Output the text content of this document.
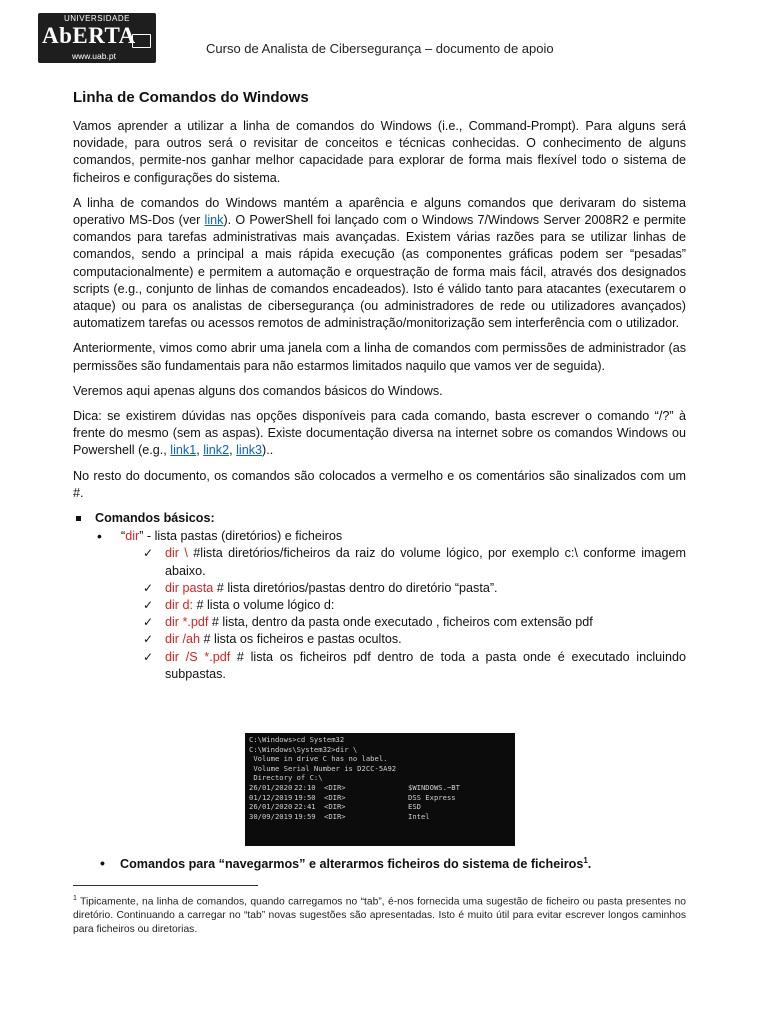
UNIVERSIDADE
AbERTA
www.uab.pt	Curso de Analista de Cibersegurança – documento de apoio
Linha de Comandos do Windows

Vamos aprender a utilizar a linha de comandos do Windows (i.e., Command-Prompt). Para alguns será novidade, para outros será o revisitar de conceitos e técnicas conhecidas. O conhecimento de alguns comandos, permite-nos ganhar melhor capacidade para explorar de forma mais flexível todo o sistema de ficheiros e configurações do sistema.

A linha de comandos do Windows mantém a aparência e alguns comandos que derivaram do sistema operativo MS-Dos (ver link). O PowerShell foi lançado com o Windows 7/Windows Server 2008R2 e permite comandos para tarefas administrativas mais avançadas. Existem várias razões para se utilizar linhas de comandos, sendo a principal a mais rápida execução (as componentes gráficas podem ser “pesadas” computacionalmente) e permitem a automação e orquestração de forma mais fácil, através dos designados scripts (e.g., conjunto de linhas de comandos encadeados). Isto é válido tanto para atacantes (executarem o ataque) ou para os analistas de cibersegurança (ou administradores de rede ou utilizadores avançados) automatizem tarefas ou acessos remotos de administração/monitorização sem interferência com o utilizador.

Anteriormente, vimos como abrir uma janela com a linha de comandos com permissões de administrador (as permissões são fundamentais para não estarmos limitados naquilo que vamos ver de seguida).

Veremos aqui apenas alguns dos comandos básicos do Windows.

Dica: se existirem dúvidas nas opções disponíveis para cada comando, basta escrever o comando “/?” à frente do mesmo (sem as aspas). Existe documentação diversa na internet sobre os comandos Windows ou Powershell (e.g., link1, link2, link3)..

No resto do documento, os comandos são colocados a vermelho e os comentários são sinalizados com um #.

Comandos básicos:
• “dir” - lista pastas (diretórios) e ficheiros
✓ dir \ #lista diretórios/ficheiros da raiz do volume lógico, por exemplo c:\ conforme imagem abaixo.
✓ dir pasta # lista diretórios/pastas dentro do diretório “pasta”.
✓ dir d: # lista o volume lógico d:
✓ dir *.pdf # lista, dentro da pasta onde executado , ficheiros com extensão pdf
✓ dir /ah # lista os ficheiros e pastas ocultos.
✓ dir /S *.pdf # lista os ficheiros pdf dentro de toda a pasta onde é executado incluindo subpastas.
C:\Windows>cd System32
C:\Windows\System32>dir \
Volume in drive C has no label.
Volume Serial Number is D2CC-5A92
Directory of C:\
26/01/2020 22:10	<DIR>	$WINDOWS.~BT
01/12/2019 19:50	<DIR>	DSS Express
26/01/2020 22:41	<DIR>	ESD
30/09/2019 19:59	<DIR>	Intel
• Comandos para “navegarmos” e alterarmos ficheiros do sistema de ficheiros$^1$.
$^1$ Tipicamente, na linha de comandos, quando carregamos no “tab”, é-nos fornecida uma sugestão de ficheiro ou pasta presentes no diretório. Continuando a carregar no “tab” novas sugestões são apresentadas. Isto é muito útil para evitar escrever longos caminhos para ficheiros ou diretorias.
